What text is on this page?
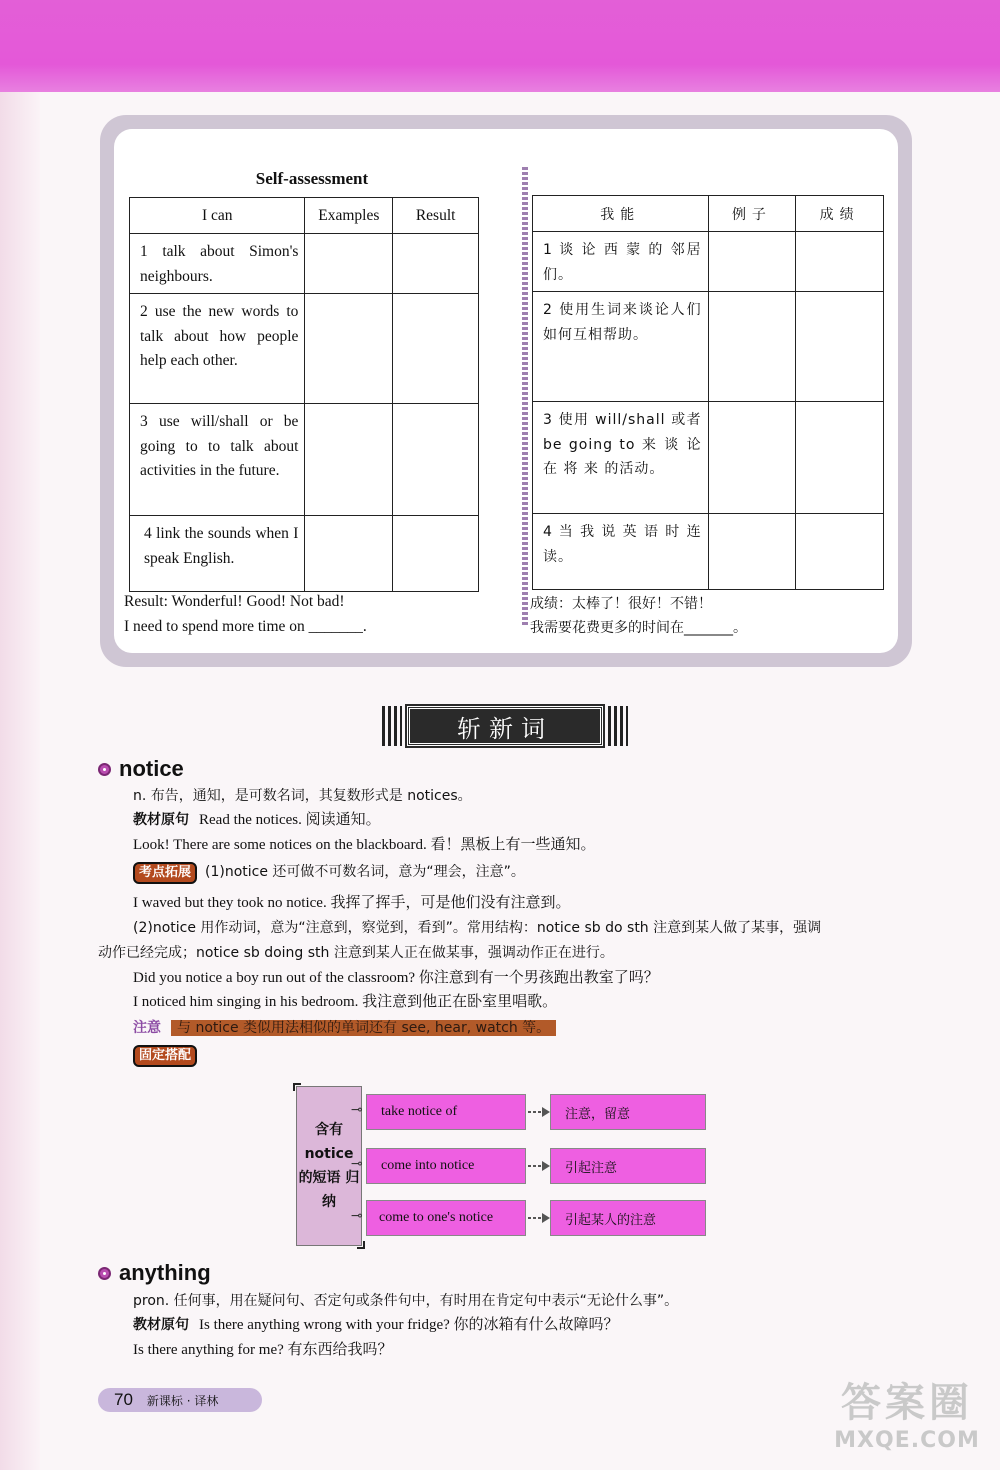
Self-assessment
I can	Examples	Result
1 talk about Simon's neighbours.		
2 use the new words to talk about how people help each other.		
3 use will/shall or be going to to talk about activities in the future.		
4 link the sounds when I speak English.		
Result: Wonderful! Good! Not bad!
I need to spend more time on _______.
我能	例子	成绩
1 谈 论 西 蒙 的 邻居们。		
2 使用生词来谈论人们如何互相帮助。		
3 使用 will/shall 或者 be going to 来 谈 论 在 将 来 的活动。		
4 当 我 说 英 语 时 连读。		
成绩：太棒了！很好！不错！
我需要花费更多的时间在_______。
斩新词
notice
n. 布告，通知，是可数名词，其复数形式是 notices。
教材原句 Read the notices. 阅读通知。
Look! There are some notices on the blackboard. 看！黑板上有一些通知。
考点拓展 (1)notice 还可做不可数名词，意为“理会，注意”。
I waved but they took no notice. 我挥了挥手，可是他们没有注意到。
(2)notice 用作动词，意为“注意到，察觉到，看到”。常用结构：notice sb do sth 注意到某人做了某事，强调
动作已经完成；notice sb doing sth 注意到某人正在做某事，强调动作正在进行。
Did you notice a boy run out of the classroom? 你注意到有一个男孩跑出教室了吗？
I noticed him singing in his bedroom. 我注意到他正在卧室里唱歌。
注意 与 notice 类似用法相似的单词还有 see, hear, watch 等。
固定搭配
含有 notice 的短语 归纳
⊸	take notice of	注意，留意
⊸	come into notice	引起注意
⊸	come to one's notice	引起某人的注意
anything
pron. 任何事，用在疑问句、否定句或条件句中，有时用在肯定句中表示“无论什么事”。
教材原句 Is there anything wrong with your fridge? 你的冰箱有什么故障吗？
Is there anything for me? 有东西给我吗？
70 新课标 · 译林	答案圈
MXQE.COM
